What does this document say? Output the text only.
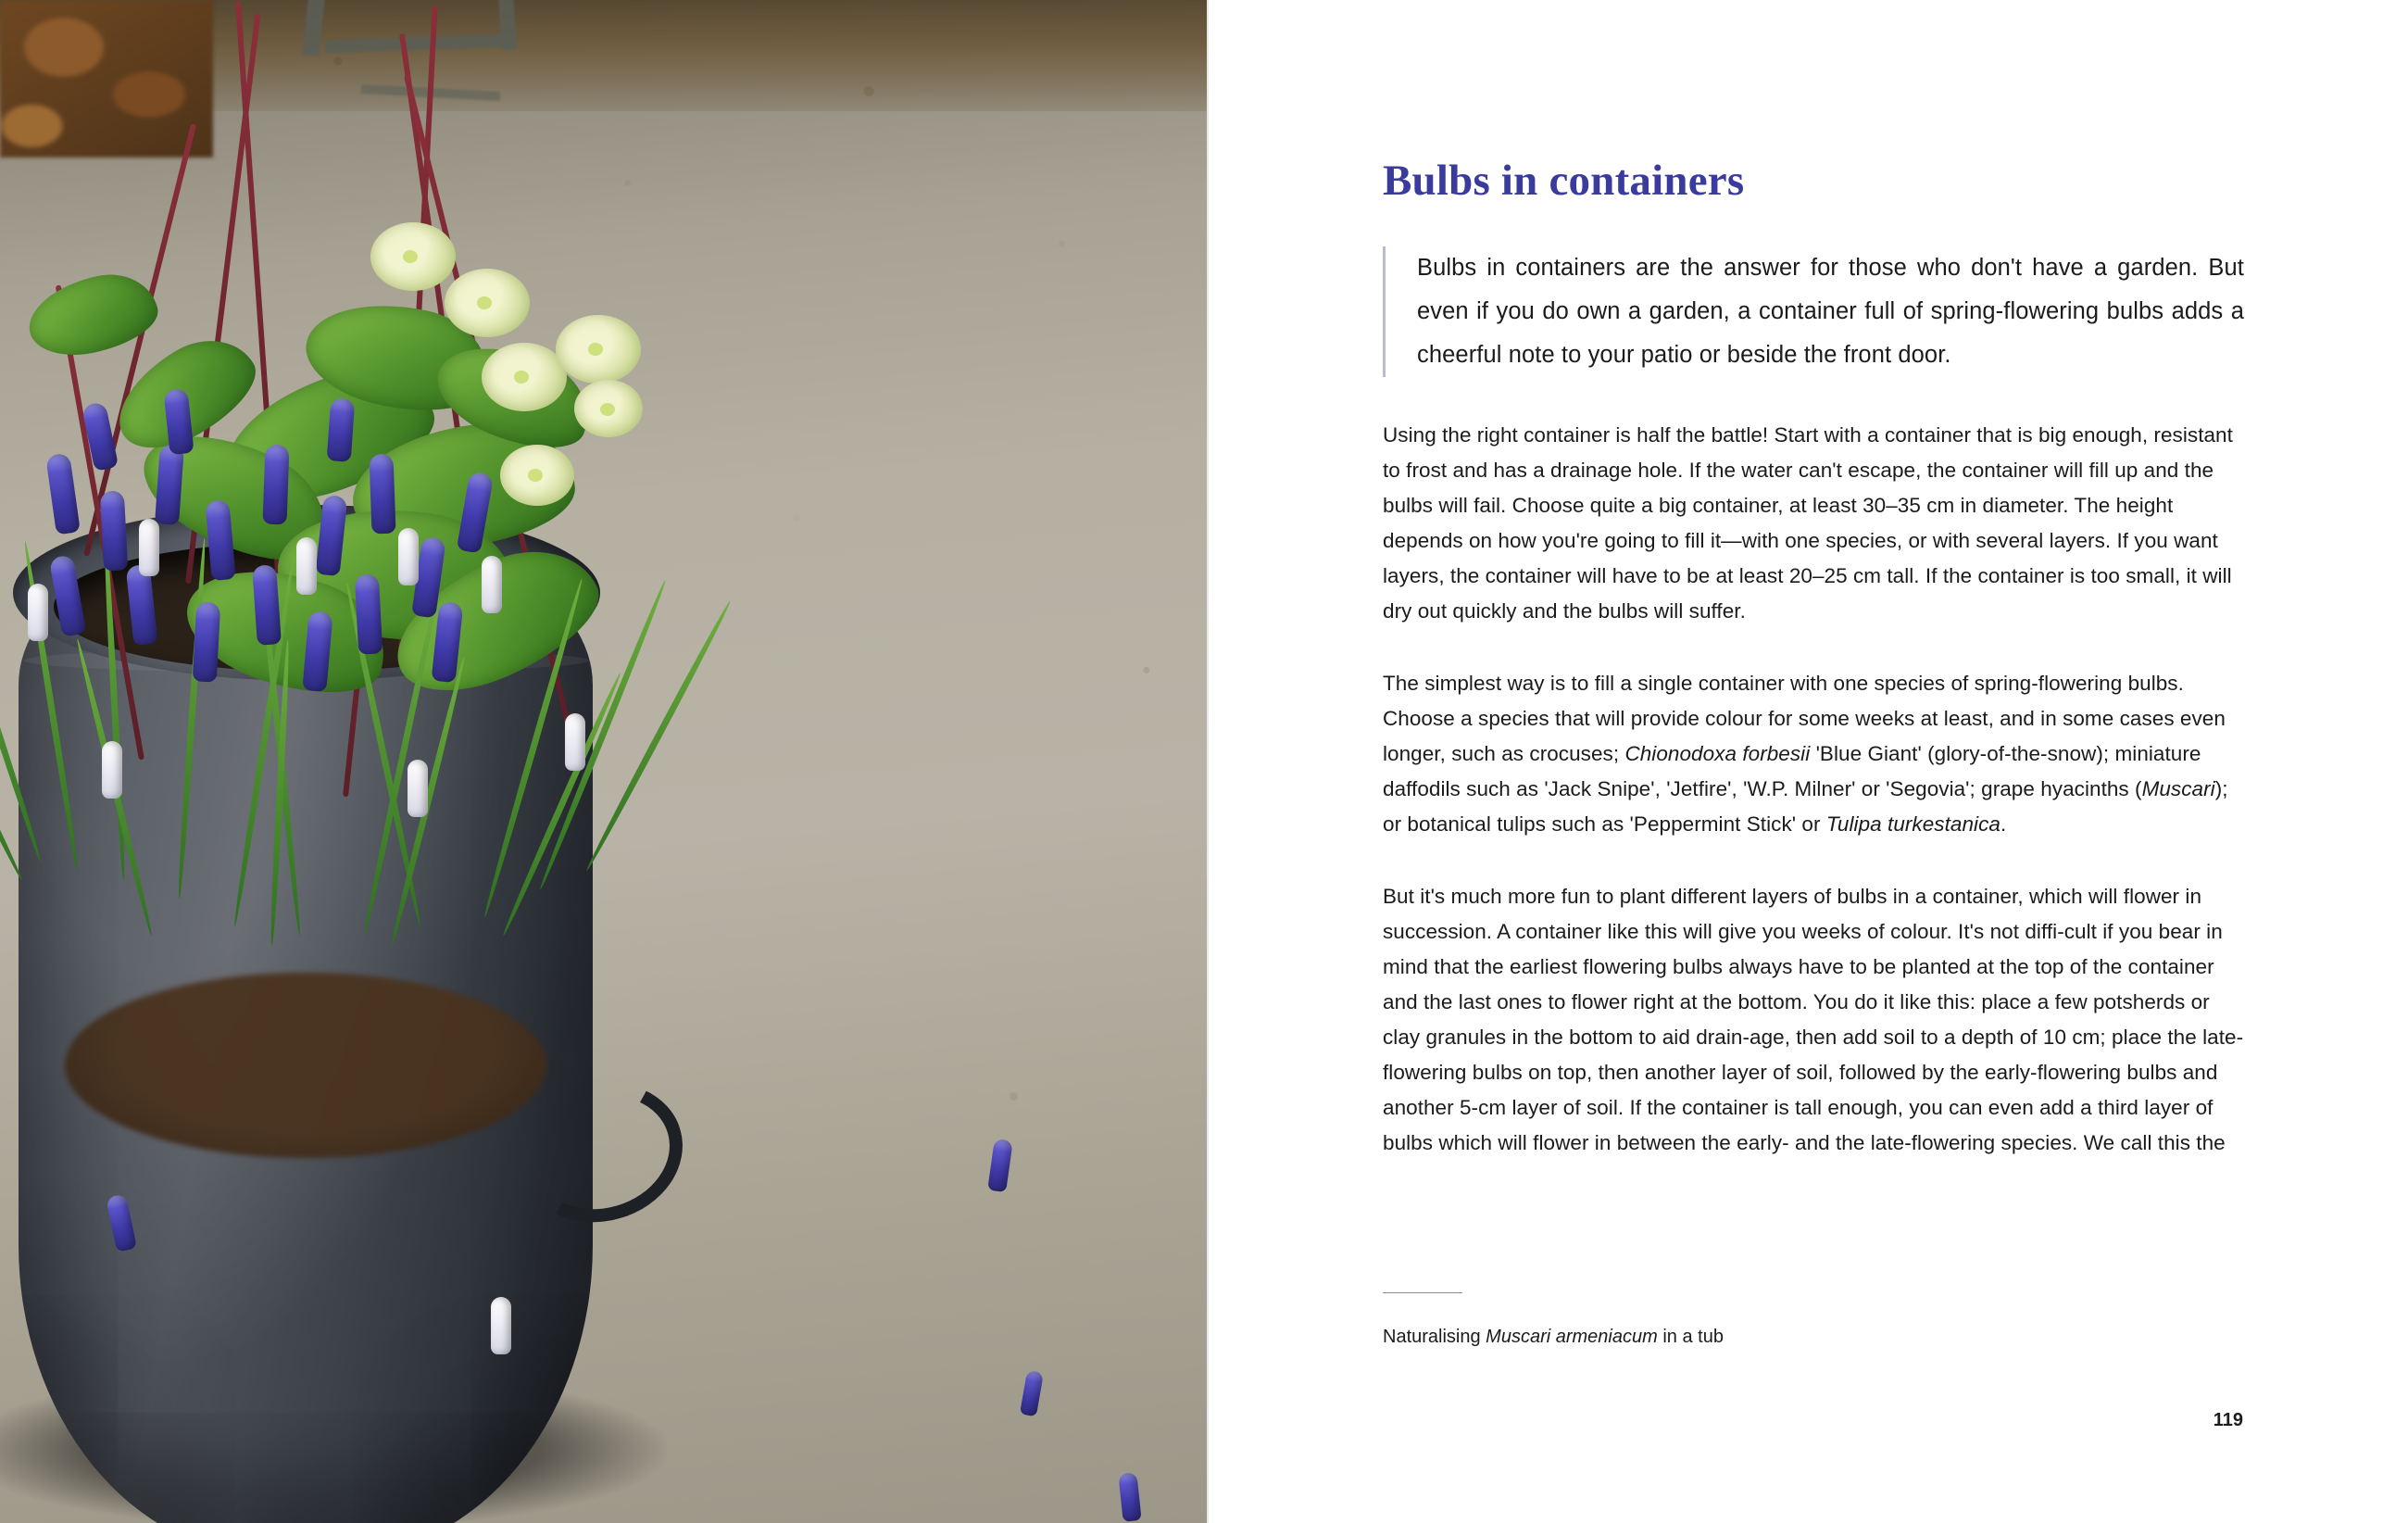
Bulbs in containers

Bulbs in containers are the answer for those who don't have a garden. But even if you do own a garden, a container full of spring-flowering bulbs adds a cheerful note to your patio or beside the front door.

Using the right container is half the battle! Start with a container that is big enough, resistant to frost and has a drainage hole. If the water can't escape, the container will fill up and the bulbs will fail. Choose quite a big container, at least 30–35 cm in diameter. The height depends on how you're going to fill it—with one species, or with several layers. If you want layers, the container will have to be at least 20–25 cm tall. If the container is too small, it will dry out quickly and the bulbs will suffer.

The simplest way is to fill a single container with one species of spring-flowering bulbs. Choose a species that will provide colour for some weeks at least, and in some cases even longer, such as crocuses; Chionodoxa forbesii 'Blue Giant' (glory-of-the-snow); miniature daffodils such as 'Jack Snipe', 'Jetfire', 'W.P. Milner' or 'Segovia'; grape hyacinths (Muscari); or botanical tulips such as 'Peppermint Stick' or Tulipa turkestanica.

But it's much more fun to plant different layers of bulbs in a container, which will flower in succession. A container like this will give you weeks of colour. It's not diffi-cult if you bear in mind that the earliest flowering bulbs always have to be planted at the top of the container and the last ones to flower right at the bottom. You do it like this: place a few potsherds or clay granules in the bottom to aid drain-age, then add soil to a depth of 10 cm; place the late-flowering bulbs on top, then another layer of soil, followed by the early-flowering bulbs and another 5-cm layer of soil. If the container is tall enough, you can even add a third layer of bulbs which will flower in between the early- and the late-flowering species. We call this the

Naturalising Muscari armeniacum in a tub
119
